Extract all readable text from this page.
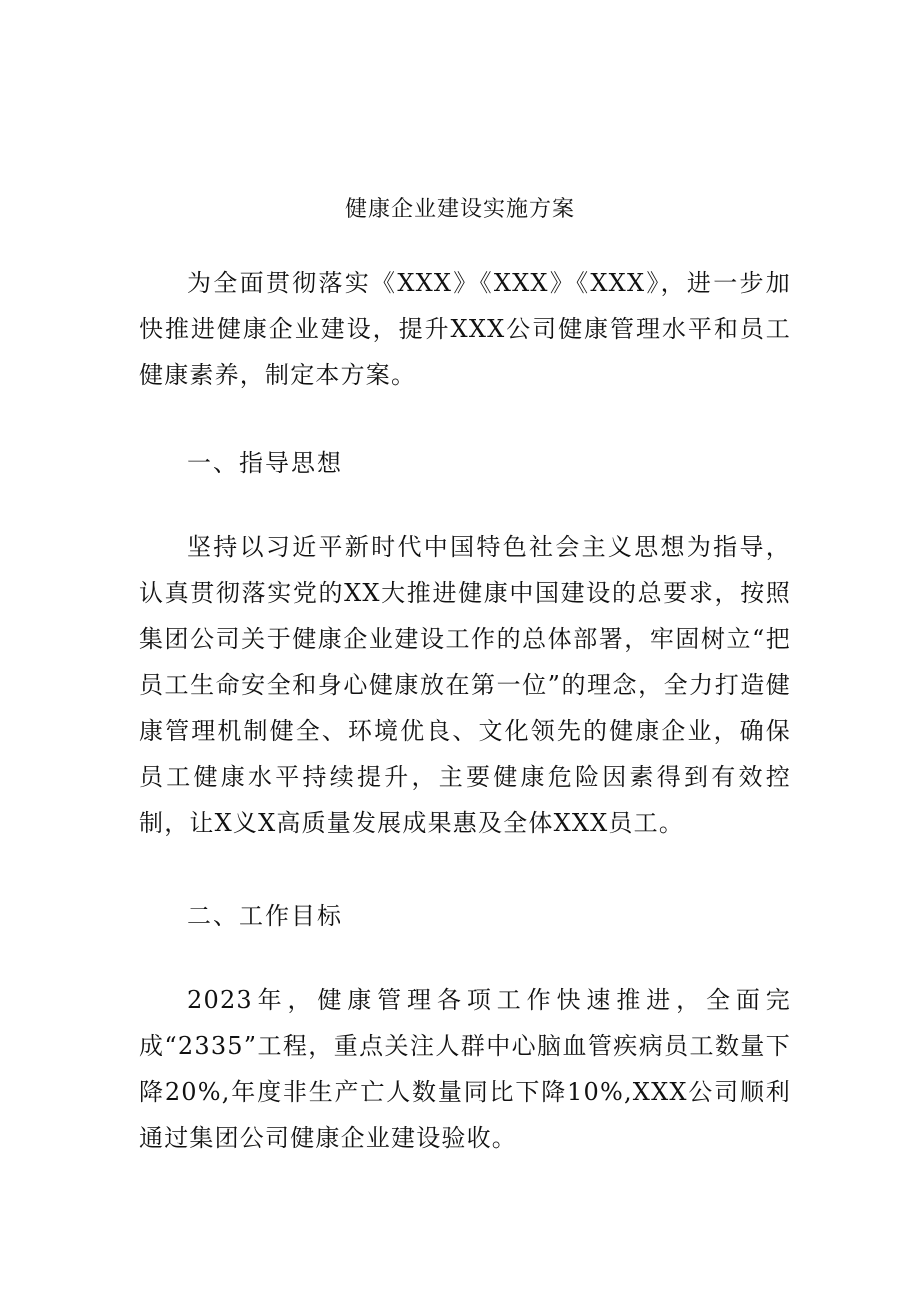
健康企业建设实施方案

为全面贯彻落实《XXX》《XXX》《XXX》，进一步加快推进健康企业建设，提升XXX公司健康管理水平和员工健康素养，制定本方案。

一、指导思想

坚持以习近平新时代中国特色社会主义思想为指导，认真贯彻落实党的XX大推进健康中国建设的总要求，按照集团公司关于健康企业建设工作的总体部署，牢固树立“把员工生命安全和身心健康放在第一位”的理念，全力打造健康管理机制健全、环境优良、文化领先的健康企业，确保员工健康水平持续提升，主要健康危险因素得到有效控制，让X义X高质量发展成果惠及全体XXX员工。

二、工作目标

2023年，健康管理各项工作快速推进，全面完成“2335”工程，重点关注人群中心脑血管疾病员工数量下降20%,年度非生产亡人数量同比下降10%,XXX公司顺利通过集团公司健康企业建设验收。
